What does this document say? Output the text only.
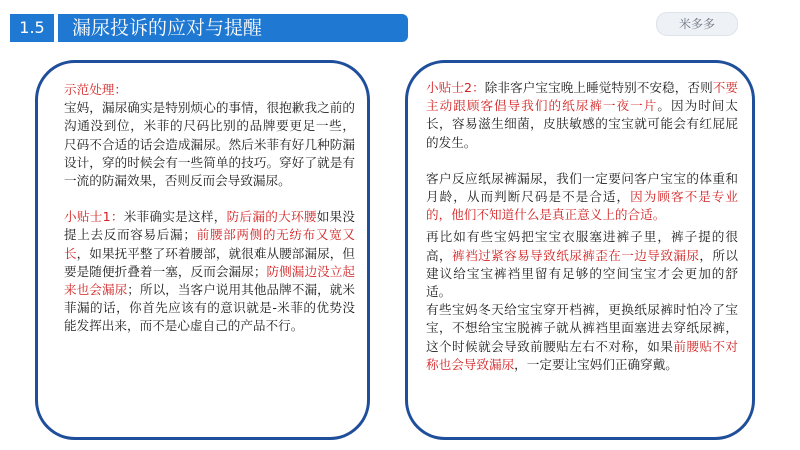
1.5	漏尿投诉的应对与提醒	米多多
示范处理：
宝妈，漏尿确实是特别烦心的事情，很抱歉我之前的沟通没到位，米菲的尺码比别的品牌要更足一些， 尺码不合适的话会造成漏尿。然后米菲有好几种防漏设计，穿的时候会有一些简单的技巧。穿好了就是有一流的防漏效果，否则反而会导致漏尿。
小贴士1：米菲确实是这样，防后漏的大环腰如果没提上去反而容易后漏；前腰部两侧的无纺布又宽又长，如果抚平整了环着腰部，就很难从腰部漏尿，但要是随便折叠着一塞，反而会漏尿；防侧漏边没立起来也会漏尿；所以，当客户说用其他品牌不漏，就米菲漏的话，你首先应该有的意识就是-米菲的优势没能发挥出来，而不是心虚自己的产品不行。
小贴士2：除非客户宝宝晚上睡觉特别不安稳，否则不要主动跟顾客倡导我们的纸尿裤一夜一片。因为时间太长，容易滋生细菌，皮肤敏感的宝宝就可能会有红屁屁的发生。
客户反应纸尿裤漏尿，我们一定要问客户宝宝的体重和月龄，从而判断尺码是不是合适，因为顾客不是专业的，他们不知道什么是真正意义上的合适。
再比如有些宝妈把宝宝衣服塞进裤子里，裤子提的很高，裤裆过紧容易导致纸尿裤歪在一边导致漏尿，所以建议给宝宝裤裆里留有足够的空间宝宝才会更加的舒适。
有些宝妈冬天给宝宝穿开档裤，更换纸尿裤时怕冷了宝宝，不想给宝宝脱裤子就从裤裆里面塞进去穿纸尿裤，这个时候就会导致前腰贴左右不对称，如果前腰贴不对称也会导致漏尿，一定要让宝妈们正确穿戴。
